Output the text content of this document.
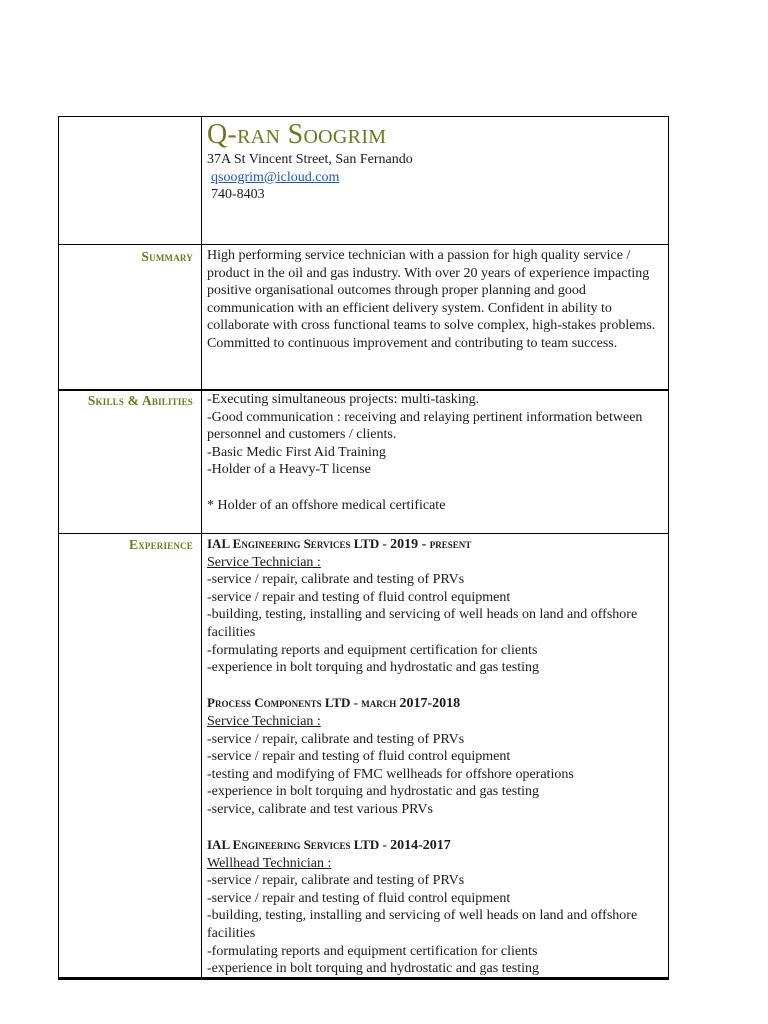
Q-ran Soogrim
37A St Vincent Street, San Fernando
qsoogrim@icloud.com
740-8403
Summary High performing service technician with a passion for high quality service / product in the oil and gas industry. With over 20 years of experience impacting positive organisational outcomes through proper planning and good communication with an efficient delivery system. Confident in ability to collaborate with cross functional teams to solve complex, high-stakes problems. Committed to continuous improvement and contributing to team success.
Skills & Abilities -Executing simultaneous projects: multi-tasking.
-Good communication : receiving and relaying pertinent information between personnel and customers / clients.
-Basic Medic First Aid Training
-Holder of a Heavy-T license
* Holder of an offshore medical certificate
Experience IAL Engineering Services LTD - 2019 - present
Service Technician :
-service / repair, calibrate and testing of PRVs
-service / repair and testing of fluid control equipment
-building, testing, installing and servicing of well heads on land and offshore facilities
-formulating reports and equipment certification for clients
-experience in bolt torquing and hydrostatic and gas testing
Process Components LTD - march 2017-2018
Service Technician :
-service / repair, calibrate and testing of PRVs
-service / repair and testing of fluid control equipment
-testing and modifying of FMC wellheads for offshore operations
-experience in bolt torquing and hydrostatic and gas testing
-service, calibrate and test various PRVs
IAL Engineering Services LTD - 2014-2017
Wellhead Technician :
-service / repair, calibrate and testing of PRVs
-service / repair and testing of fluid control equipment
-building, testing, installing and servicing of well heads on land and offshore facilities
-formulating reports and equipment certification for clients
-experience in bolt torquing and hydrostatic and gas testing
